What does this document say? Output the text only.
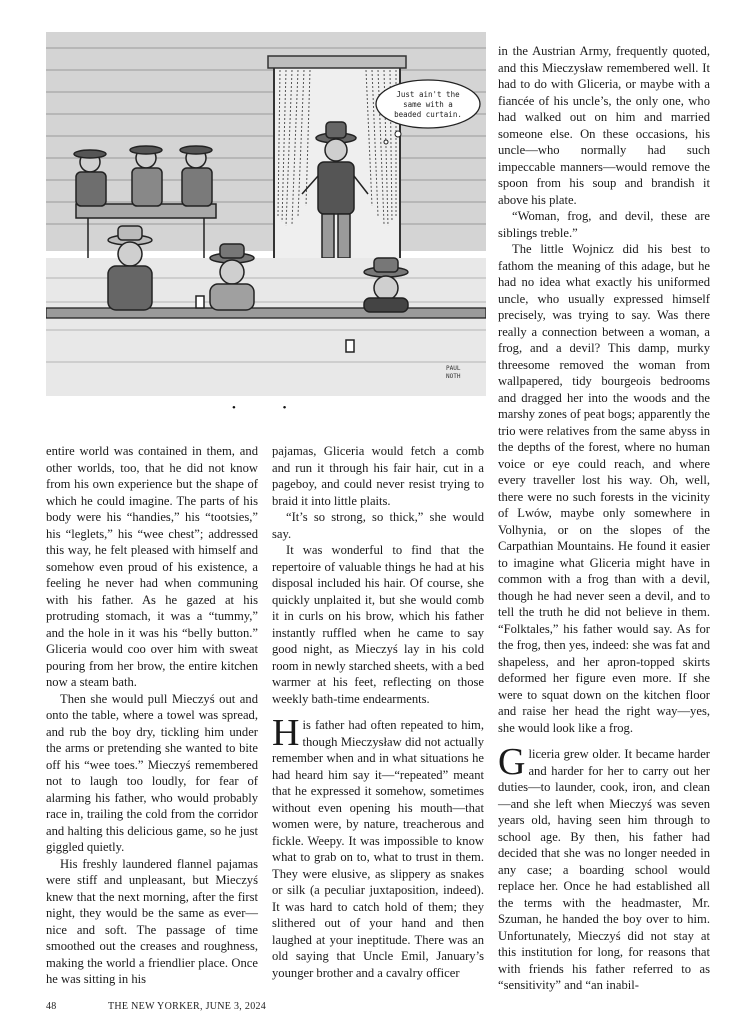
Just ain't the
same with a
beaded curtain.
PAUL
NOTH
• •

entire world was contained in them, and other worlds, too, that he did not know from his own experience but the shape of which he could imagine. The parts of his body were his “handies,” his “tootsies,” his “leglets,” his “wee chest”; addressed this way, he felt pleased with himself and somehow even proud of his existence, a feeling he never had when communing with his father. As he gazed at his protruding stomach, it was a “tummy,” and the hole in it was his “belly button.” Gliceria would coo over him with sweat pouring from her brow, the entire kitchen now a steam bath.

Then she would pull Mieczyś out and onto the table, where a towel was spread, and rub the boy dry, tickling him under the arms or pretending she wanted to bite off his “wee toes.” Mieczyś remembered not to laugh too loudly, for fear of alarming his father, who would probably race in, trailing the cold from the corridor and halting this delicious game, so he just giggled quietly.

His freshly laundered flannel pajamas were stiff and unpleasant, but Mieczyś knew that the next morning, after the first night, they would be the same as ever—nice and soft. The passage of time smoothed out the creases and roughness, making the world a friendlier place. Once he was sitting in his

pajamas, Gliceria would fetch a comb and run it through his fair hair, cut in a pageboy, and could never resist trying to braid it into little plaits.

“It’s so strong, so thick,” she would say.

It was wonderful to find that the repertoire of valuable things he had at his disposal included his hair. Of course, she quickly unplaited it, but she would comb it in curls on his brow, which his father instantly ruffled when he came to say good night, as Mieczyś lay in his cold room in newly starched sheets, with a bed warmer at his feet, reflecting on those weekly bath-time endearments.

His father had often repeated to him, though Mieczysław did not actually remember when and in what situations he had heard him say it—“repeated” meant that he expressed it somehow, sometimes without even opening his mouth—that women were, by nature, treacherous and fickle. Weepy. It was impossible to know what to grab on to, what to trust in them. They were elusive, as slippery as snakes or silk (a peculiar juxtaposition, indeed). It was hard to catch hold of them; they slithered out of your hand and then laughed at your ineptitude. There was an old saying that Uncle Emil, January’s younger brother and a cavalry officer

in the Austrian Army, frequently quoted, and this Mieczysław remembered well. It had to do with Gliceria, or maybe with a fiancée of his uncle’s, the only one, who had walked out on him and married someone else. On these occasions, his uncle—who normally had such impeccable manners—would remove the spoon from his soup and brandish it above his plate.

“Woman, frog, and devil, these are siblings treble.”

The little Wojnicz did his best to fathom the meaning of this adage, but he had no idea what exactly his uniformed uncle, who usually expressed himself precisely, was trying to say. Was there really a connection between a woman, a frog, and a devil? This damp, murky threesome removed the woman from wallpapered, tidy bourgeois bedrooms and dragged her into the woods and the marshy zones of peat bogs; apparently the trio were relatives from the same abyss in the depths of the forest, where no human voice or eye could reach, and where every traveller lost his way. Oh, well, there were no such forests in the vicinity of Lwów, maybe only somewhere in Volhynia, or on the slopes of the Carpathian Mountains. He found it easier to imagine what Gliceria might have in common with a frog than with a devil, though he had never seen a devil, and to tell the truth he did not believe in them. “Folktales,” his father would say. As for the frog, then yes, indeed: she was fat and shapeless, and her apron-topped skirts deformed her figure even more. If she were to squat down on the kitchen floor and raise her head the right way—yes, she would look like a frog.

Gliceria grew older. It became harder and harder for her to carry out her duties—to launder, cook, iron, and clean—and she left when Mieczyś was seven years old, having seen him through to school age. By then, his father had decided that she was no longer needed in any case; a boarding school would replace her. Once he had established all the terms with the headmaster, Mr. Szuman, he handed the boy over to him. Unfortunately, Mieczyś did not stay at this institution for long, for reasons that with friends his father referred to as “sensitivity” and “an inabil-

48	THE NEW YORKER, JUNE 3, 2024
